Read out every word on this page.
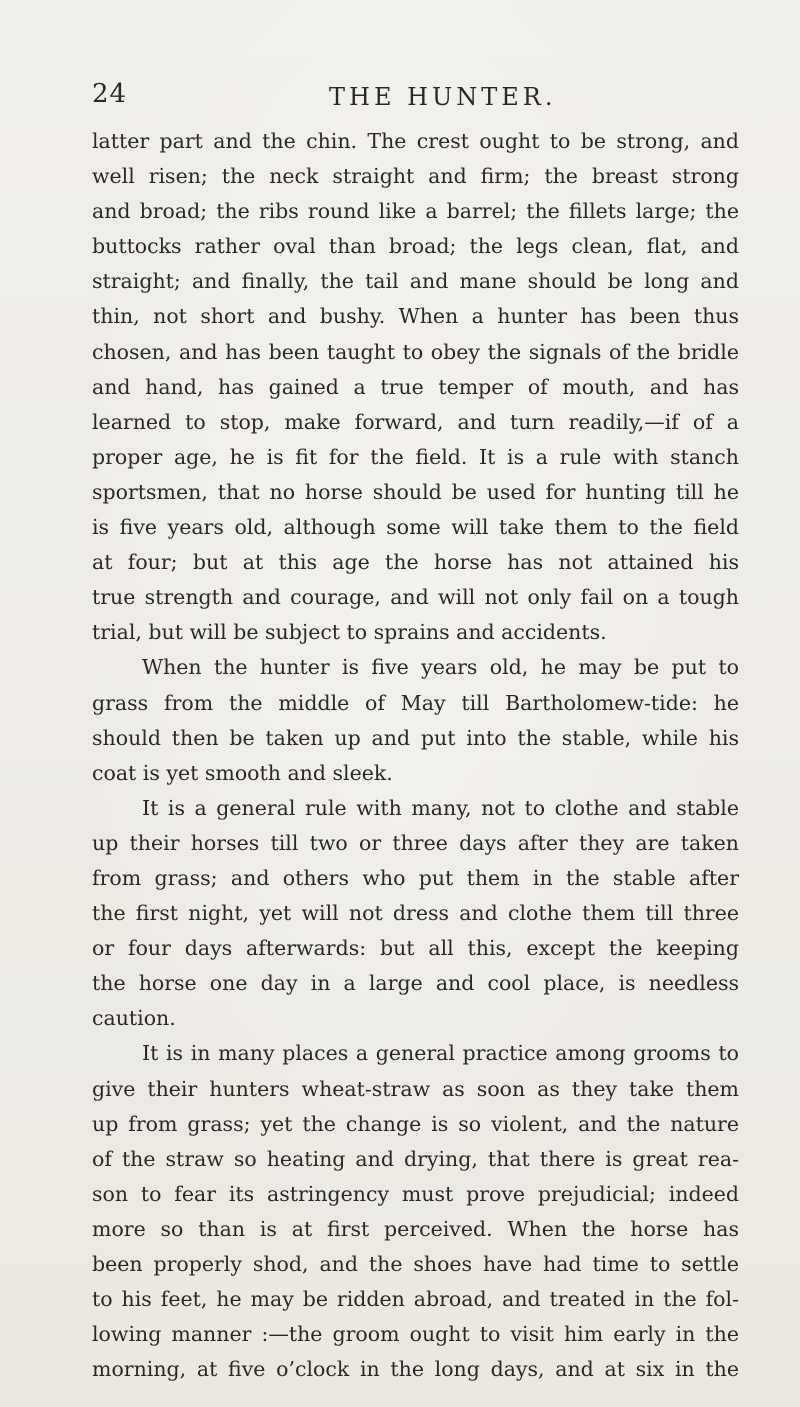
24	THE HUNTER.
latter part and the chin. The crest ought to be strong, and
well risen; the neck straight and firm; the breast strong
and broad; the ribs round like a barrel; the fillets large; the
buttocks rather oval than broad; the legs clean, flat, and
straight; and finally, the tail and mane should be long and
thin, not short and bushy. When a hunter has been thus
chosen, and has been taught to obey the signals of the bridle
and hand, has gained a true temper of mouth, and has
learned to stop, make forward, and turn readily,—if of a
proper age, he is fit for the field. It is a rule with stanch
sportsmen, that no horse should be used for hunting till he
is five years old, although some will take them to the field
at four; but at this age the horse has not attained his
true strength and courage, and will not only fail on a tough
trial, but will be subject to sprains and accidents.
When the hunter is five years old, he may be put to
grass from the middle of May till Bartholomew-tide: he
should then be taken up and put into the stable, while his
coat is yet smooth and sleek.
It is a general rule with many, not to clothe and stable
up their horses till two or three days after they are taken
from grass; and others who put them in the stable after
the first night, yet will not dress and clothe them till three
or four days afterwards: but all this, except the keeping
the horse one day in a large and cool place, is needless
caution.
It is in many places a general practice among grooms to
give their hunters wheat-straw as soon as they take them
up from grass; yet the change is so violent, and the nature
of the straw so heating and drying, that there is great rea-
son to fear its astringency must prove prejudicial; indeed
more so than is at first perceived. When the horse has
been properly shod, and the shoes have had time to settle
to his feet, he may be ridden abroad, and treated in the fol-
lowing manner :—the groom ought to visit him early in the
morning, at five o’clock in the long days, and at six in the
